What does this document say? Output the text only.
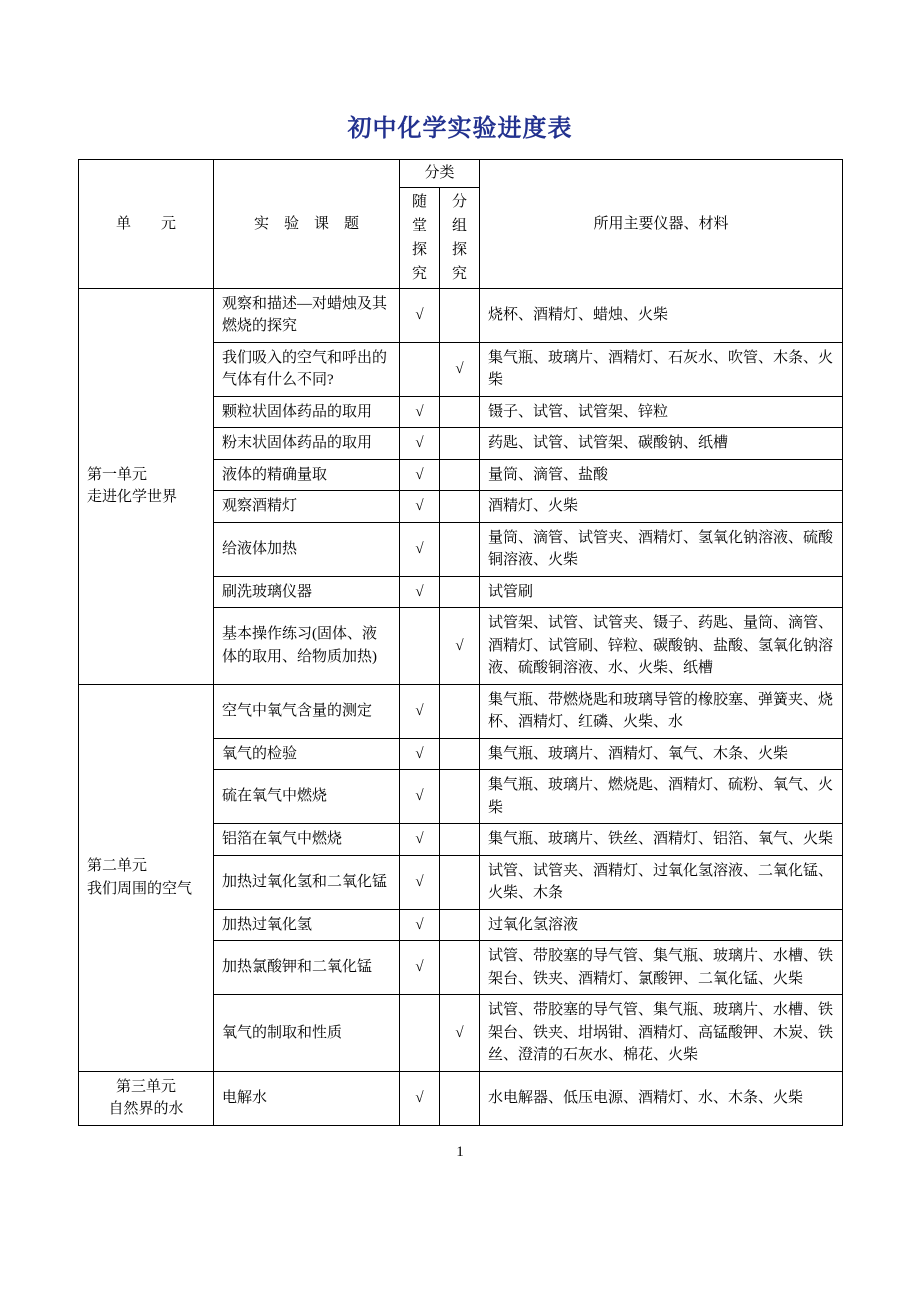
初中化学实验进度表
单　　元	实　验　课　题	分类		所用主要仪器、材料
		随堂探究	分组探究	
第一单元
走进化学世界	观察和描述—对蜡烛及其燃烧的探究	√		烧杯、酒精灯、蜡烛、火柴
	我们吸入的空气和呼出的气体有什么不同?		√	集气瓶、玻璃片、酒精灯、石灰水、吹管、木条、火柴
	颗粒状固体药品的取用	√		镊子、试管、试管架、锌粒
	粉末状固体药品的取用	√		药匙、试管、试管架、碳酸钠、纸槽
	液体的精确量取	√		量筒、滴管、盐酸
	观察酒精灯	√		酒精灯、火柴
	给液体加热	√		量筒、滴管、试管夹、酒精灯、氢氧化钠溶液、硫酸铜溶液、火柴
	刷洗玻璃仪器	√		试管刷
	基本操作练习(固体、液体的取用、给物质加热)		√	试管架、试管、试管夹、镊子、药匙、量筒、滴管、酒精灯、试管刷、锌粒、碳酸钠、盐酸、氢氧化钠溶液、硫酸铜溶液、水、火柴、纸槽
第二单元
我们周围的空气	空气中氧气含量的测定	√		集气瓶、带燃烧匙和玻璃导管的橡胶塞、弹簧夹、烧杯、酒精灯、红磷、火柴、水
	氧气的检验	√		集气瓶、玻璃片、酒精灯、氧气、木条、火柴
	硫在氧气中燃烧	√		集气瓶、玻璃片、燃烧匙、酒精灯、硫粉、氧气、火柴
	铝箔在氧气中燃烧	√		集气瓶、玻璃片、铁丝、酒精灯、铝箔、氧气、火柴
	加热过氧化氢和二氧化锰	√		试管、试管夹、酒精灯、过氧化氢溶液、二氧化锰、火柴、木条
	加热过氧化氢	√		过氧化氢溶液
	加热氯酸钾和二氧化锰	√		试管、带胶塞的导气管、集气瓶、玻璃片、水槽、铁架台、铁夹、酒精灯、氯酸钾、二氧化锰、火柴
	氧气的制取和性质		√	试管、带胶塞的导气管、集气瓶、玻璃片、水槽、铁架台、铁夹、坩埚钳、酒精灯、高锰酸钾、木炭、铁丝、澄清的石灰水、棉花、火柴
第三单元
自然界的水	电解水	√		水电解器、低压电源、酒精灯、水、木条、火柴
1
